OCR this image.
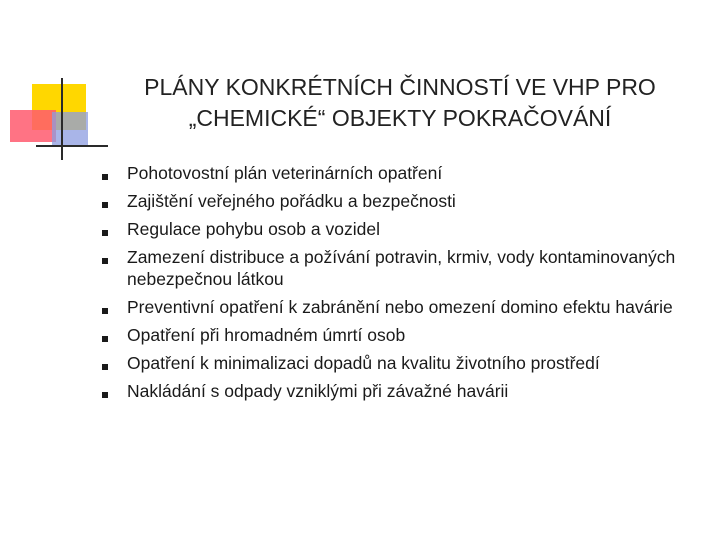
PLÁNY KONKRÉTNÍCH ČINNOSTÍ VE VHP PRO
„CHEMICKÉ“ OBJEKTY POKRAČOVÁNÍ
Pohotovostní plán veterinárních opatření
Zajištění veřejného pořádku a bezpečnosti
Regulace pohybu osob a vozidel
Zamezení distribuce a požívání potravin, krmiv, vody kontaminovaných nebezpečnou látkou
Preventivní opatření k zabránění nebo omezení domino efektu havárie
Opatření při hromadném úmrtí osob
Opatření k minimalizaci dopadů na kvalitu životního prostředí
Nakládání s odpady vzniklými při závažné havárii
